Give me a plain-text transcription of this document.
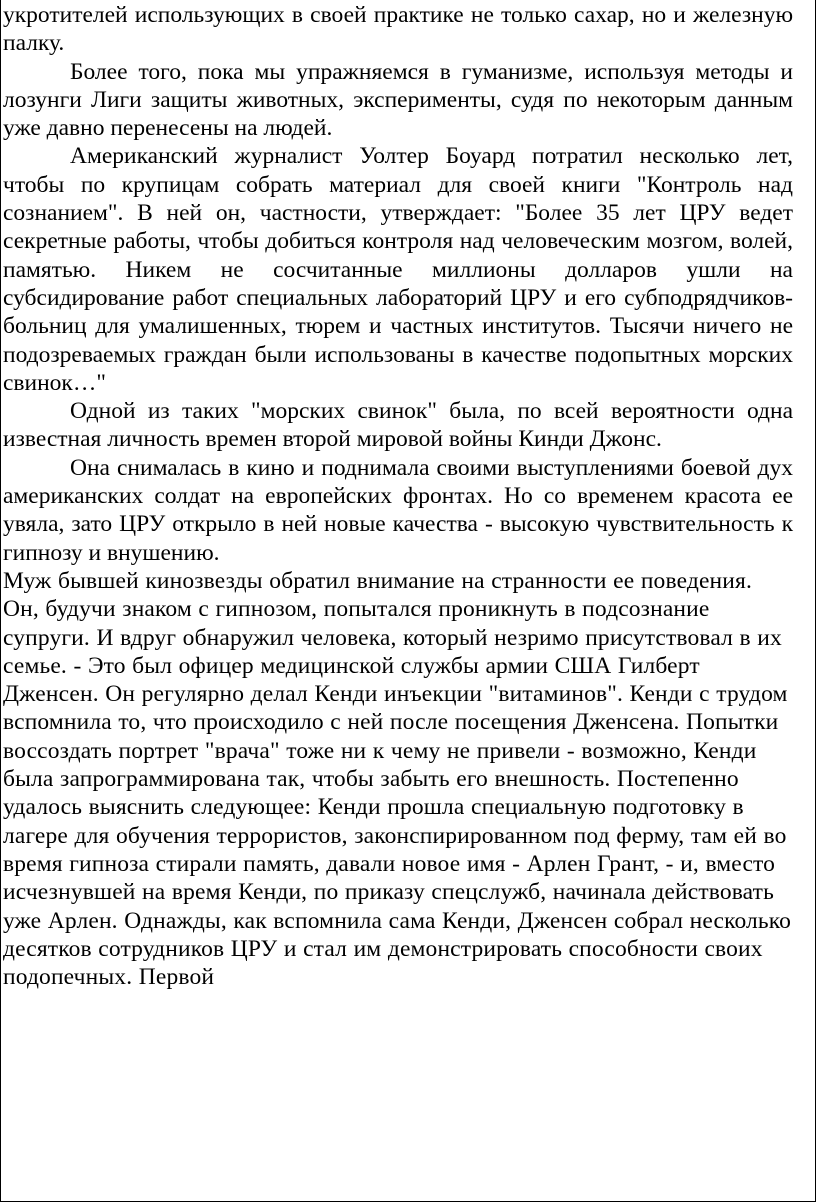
укротителей использующих в своей практике не только сахар, но и железную палку.

Более того, пока мы упражняемся в гуманизме, используя методы и лозунги Лиги защиты животных, эксперименты, судя по некоторым данным уже давно перенесены на людей.

Американский журналист Уолтер Боуард потратил несколько лет, чтобы по крупицам собрать материал для своей книги "Контроль над сознанием". В ней он, частности, утверждает: "Более 35 лет ЦРУ ведет секретные работы, чтобы добиться контроля над человеческим мозгом, волей, памятью. Никем не сосчитанные миллионы долларов ушли на субсидирование работ специальных лабораторий ЦРУ и его субподрядчиков-больниц для умалишенных, тюрем и частных институтов. Тысячи ничего не подозреваемых граждан были использованы в качестве подопытных морских свинок…"

Одной из таких "морских свинок" была, по всей вероятности одна известная личность времен второй мировой войны Кинди Джонс.

Она снималась в кино и поднимала своими выступлениями боевой дух американских солдат на европейских фронтах. Но со временем красота ее увяла, зато ЦРУ открыло в ней новые качества - высокую чувствительность к гипнозу и внушению.

Муж бывшей кинозвезды обратил внимание на странности ее поведения. Он, будучи знаком с гипнозом, попытался проникнуть в подсознание супруги. И вдруг обнаружил человека, который незримо присутствовал в их семье. - Это был офицер медицинской службы армии США Гилберт Дженсен. Он регулярно делал Кенди инъекции "витаминов". Кенди с трудом вспомнила то, что происходило с ней после посещения Дженсена. Попытки воссоздать портрет "врача" тоже ни к чему не привели - возможно, Кенди была запрограммирована так, чтобы забыть его внешность. Постепенно удалось выяснить следующее: Кенди прошла специальную подготовку в лагере для обучения террористов, законспирированном под ферму, там ей во время гипноза стирали память, давали новое имя - Арлен Грант, - и, вместо исчезнувшей на время Кенди, по приказу спецслужб, начинала действовать уже Арлен. Однажды, как вспомнила сама Кенди, Дженсен собрал несколько десятков сотрудников ЦРУ и стал им демонстрировать способности своих подопечных. Первой
